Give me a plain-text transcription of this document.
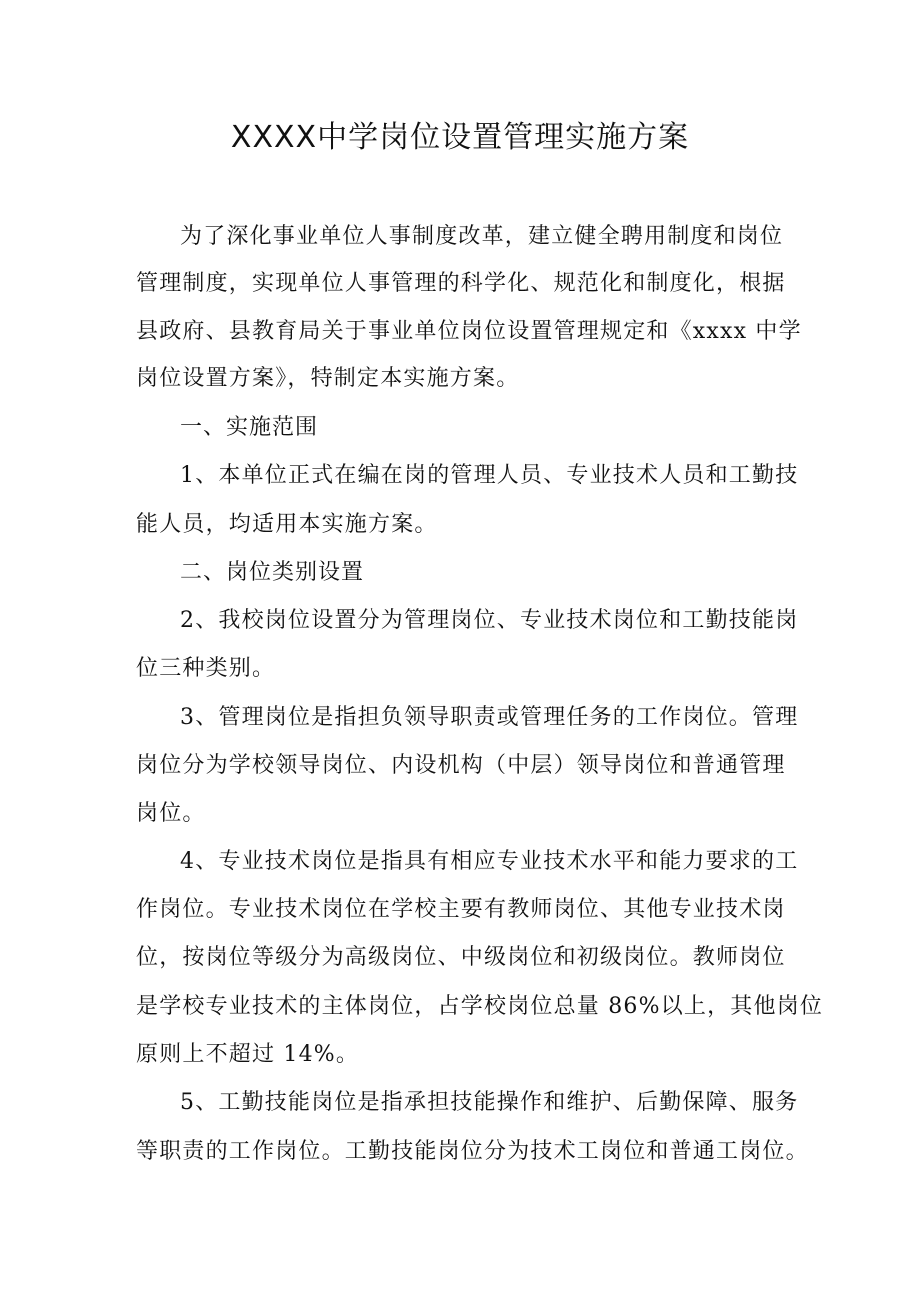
XXXX中学岗位设置管理实施方案
为了深化事业单位人事制度改革，建立健全聘用制度和岗位
管理制度，实现单位人事管理的科学化、规范化和制度化，根据
县政府、县教育局关于事业单位岗位设置管理规定和《xxxx 中学
岗位设置方案》，特制定本实施方案。
一、实施范围
1、本单位正式在编在岗的管理人员、专业技术人员和工勤技
能人员，均适用本实施方案。
二、岗位类别设置
2、我校岗位设置分为管理岗位、专业技术岗位和工勤技能岗
位三种类别。
3、管理岗位是指担负领导职责或管理任务的工作岗位。管理
岗位分为学校领导岗位、内设机构（中层）领导岗位和普通管理
岗位。
4、专业技术岗位是指具有相应专业技术水平和能力要求的工
作岗位。专业技术岗位在学校主要有教师岗位、其他专业技术岗
位，按岗位等级分为高级岗位、中级岗位和初级岗位。教师岗位
是学校专业技术的主体岗位，占学校岗位总量 86%以上，其他岗位
原则上不超过 14%。
5、工勤技能岗位是指承担技能操作和维护、后勤保障、服务
等职责的工作岗位。工勤技能岗位分为技术工岗位和普通工岗位。
